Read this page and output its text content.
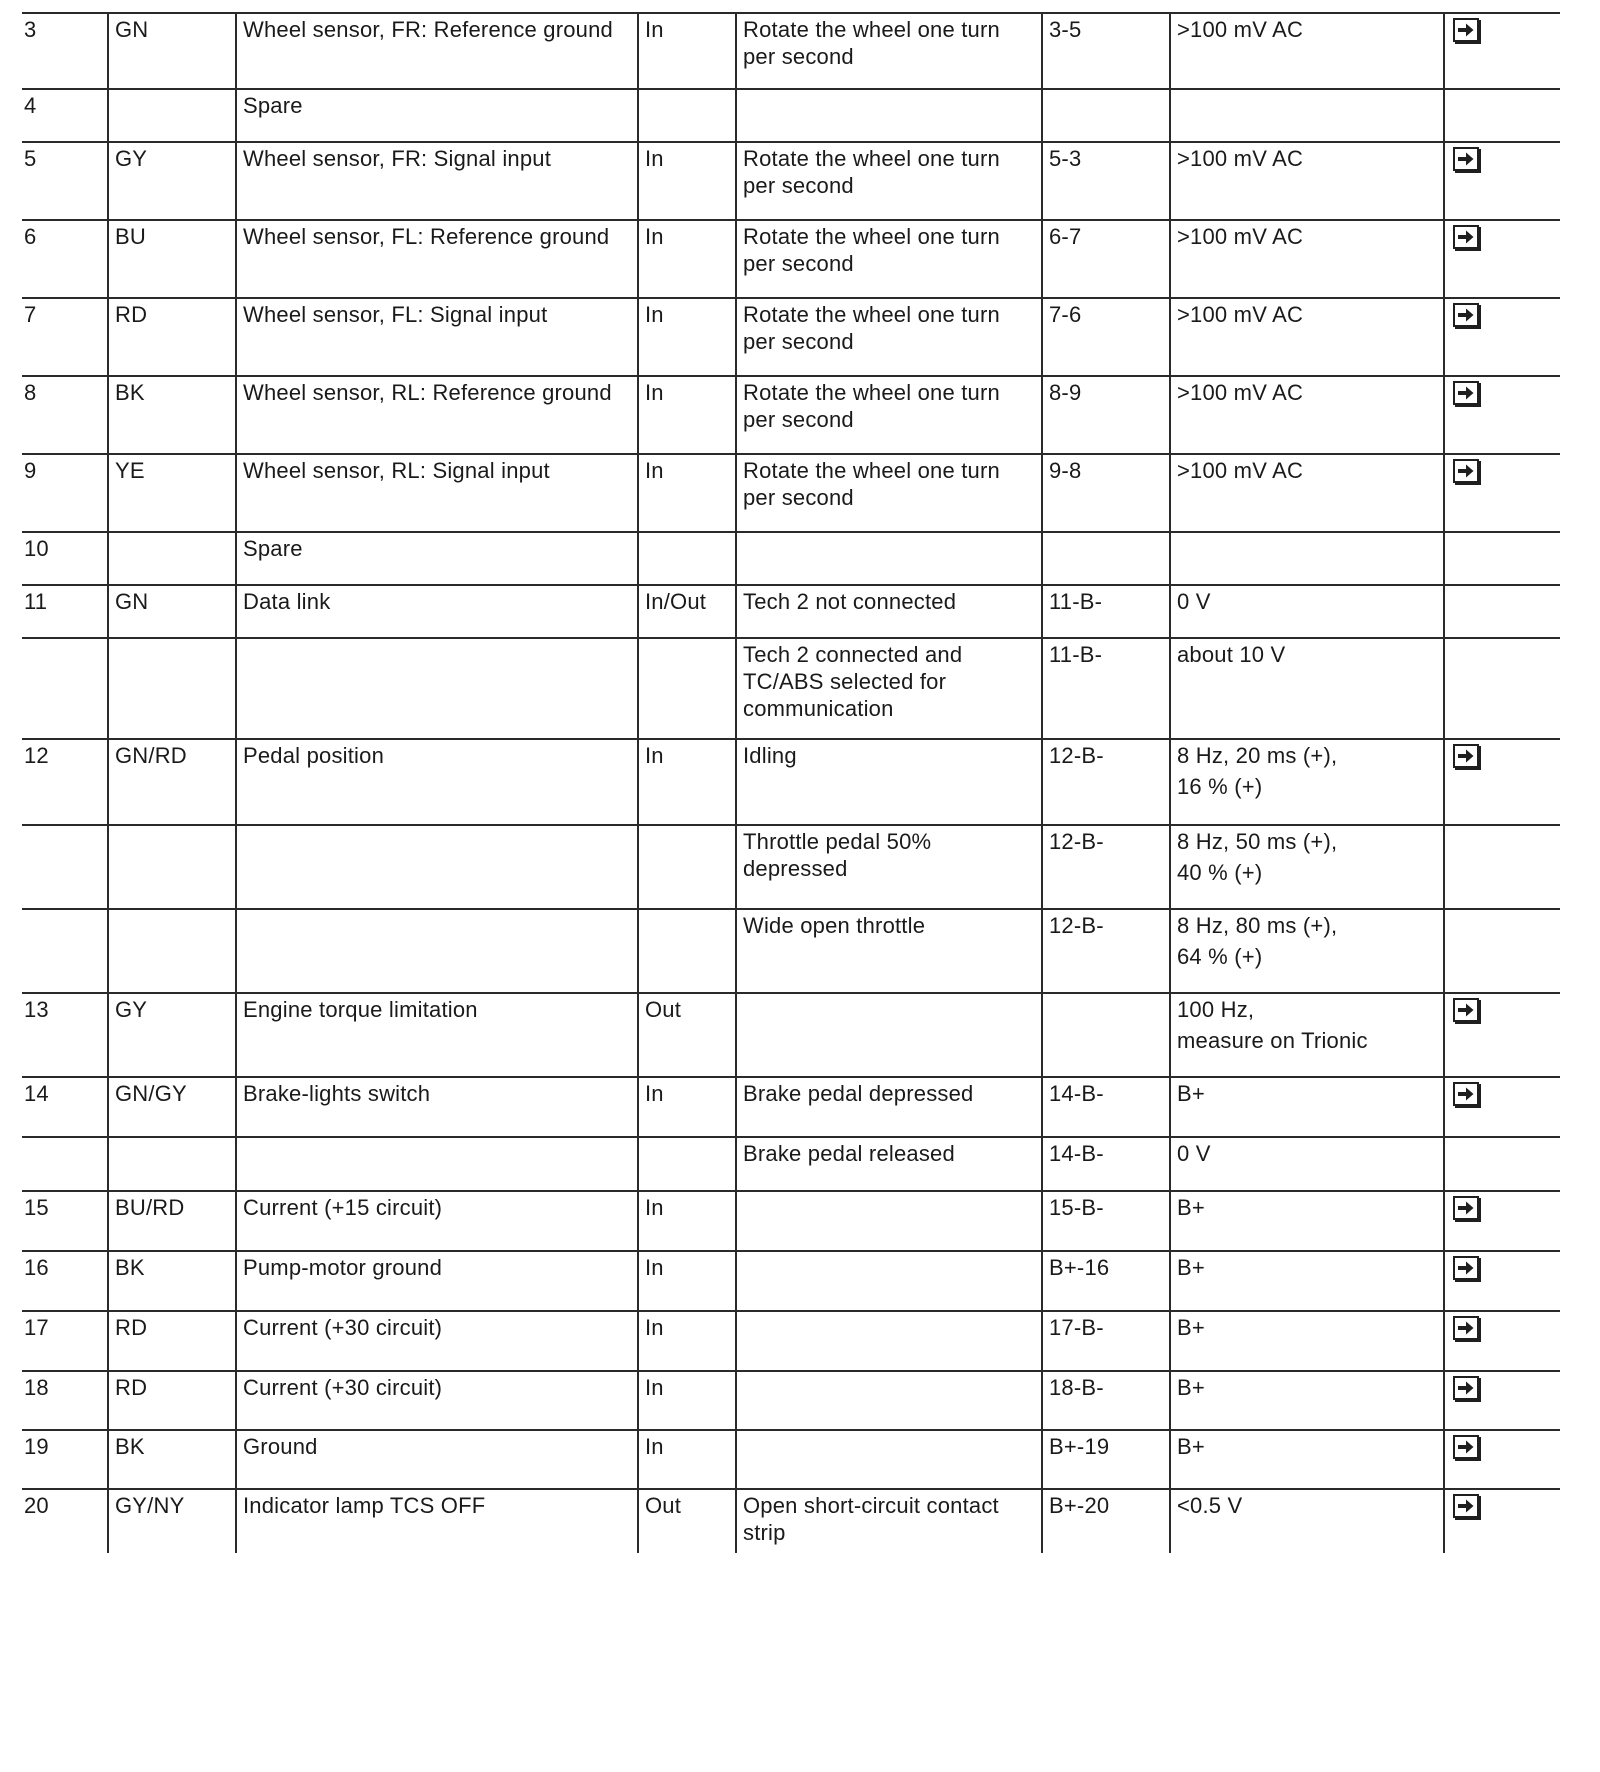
3	GN	Wheel sensor, FR: Reference ground	In	Rotate the wheel one turn per second	3-5	>100 mV AC

4		Spare				

5	GY	Wheel sensor, FR: Signal input	In	Rotate the wheel one turn per second	5-3	>100 mV AC

6	BU	Wheel sensor, FL: Reference ground	In	Rotate the wheel one turn per second	6-7	>100 mV AC

7	RD	Wheel sensor, FL: Signal input	In	Rotate the wheel one turn per second	7-6	>100 mV AC

8	BK	Wheel sensor, RL: Reference ground	In	Rotate the wheel one turn per second	8-9	>100 mV AC

9	YE	Wheel sensor, RL: Signal input	In	Rotate the wheel one turn per second	9-8	>100 mV AC

10		Spare				

11	GN	Data link	In/Out	Tech 2 not connected	11-B-	0 V	

				Tech 2 connected and TC/ABS selected for communication	11-B-	about 10 V	

12	GN/RD	Pedal position	In	Idling	12-B-	8 Hz, 20 ms (+),
16 % (+)

				Throttle pedal 50% depressed	12-B-	8 Hz, 50 ms (+),
40 % (+)	

				Wide open throttle	12-B-	8 Hz, 80 ms (+),
64 % (+)	

13	GY	Engine torque limitation	Out			100 Hz,
measure on Trionic

14	GN/GY	Brake-lights switch	In	Brake pedal depressed	14-B-	B+

				Brake pedal released	14-B-	0 V	

15	BU/RD	Current (+15 circuit)	In		15-B-	B+

16	BK	Pump-motor ground	In		B+-16	B+

17	RD	Current (+30 circuit)	In		17-B-	B+

18	RD	Current (+30 circuit)	In		18-B-	B+

19	BK	Ground	In		B+-19	B+

20	GY/NY	Indicator lamp TCS OFF	Out	Open short-circuit contact strip	B+-20	<0.5 V
